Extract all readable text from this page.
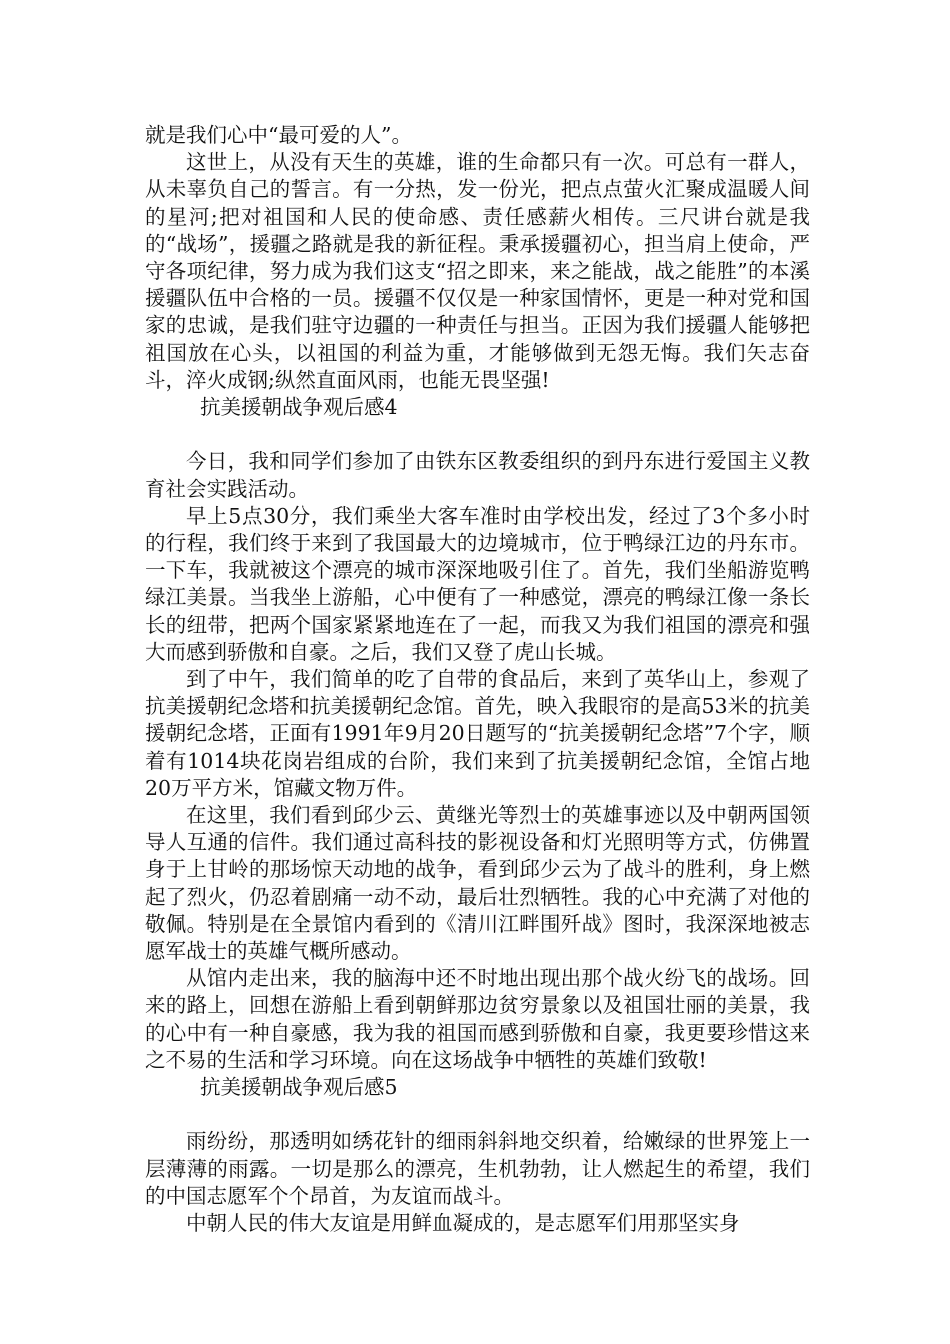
就是我们心中“最可爱的人”。

这世上，从没有天生的英雄，谁的生命都只有一次。可总有一群人，从未辜负自己的誓言。有一分热，发一份光，把点点萤火汇聚成温暖人间的星河;把对祖国和人民的使命感、责任感薪火相传。三尺讲台就是我的“战场”，援疆之路就是我的新征程。秉承援疆初心，担当肩上使命，严守各项纪律，努力成为我们这支“招之即来，来之能战，战之能胜”的本溪援疆队伍中合格的一员。援疆不仅仅是一种家国情怀，更是一种对党和国家的忠诚，是我们驻守边疆的一种责任与担当。正因为我们援疆人能够把祖国放在心头，以祖国的利益为重，才能够做到无怨无悔。我们矢志奋斗，淬火成钢;纵然直面风雨，也能无畏坚强!

抗美援朝战争观后感4

今日，我和同学们参加了由铁东区教委组织的到丹东进行爱国主义教育社会实践活动。

早上5点30分，我们乘坐大客车准时由学校出发，经过了3个多小时的行程，我们终于来到了我国最大的边境城市，位于鸭绿江边的丹东市。一下车，我就被这个漂亮的城市深深地吸引住了。首先，我们坐船游览鸭绿江美景。当我坐上游船，心中便有了一种感觉，漂亮的鸭绿江像一条长长的纽带，把两个国家紧紧地连在了一起，而我又为我们祖国的漂亮和强大而感到骄傲和自豪。之后，我们又登了虎山长城。

到了中午，我们简单的吃了自带的食品后，来到了英华山上，参观了抗美援朝纪念塔和抗美援朝纪念馆。首先，映入我眼帘的是高53米的抗美援朝纪念塔，正面有1991年9月20日题写的“抗美援朝纪念塔”7个字，顺着有1014块花岗岩组成的台阶，我们来到了抗美援朝纪念馆，全馆占地20万平方米，馆藏文物万件。

在这里，我们看到邱少云、黄继光等烈士的英雄事迹以及中朝两国领导人互通的信件。我们通过高科技的影视设备和灯光照明等方式，仿佛置身于上甘岭的那场惊天动地的战争，看到邱少云为了战斗的胜利，身上燃起了烈火，仍忍着剧痛一动不动，最后壮烈牺牲。我的心中充满了对他的敬佩。特别是在全景馆内看到的《清川江畔围歼战》图时，我深深地被志愿军战士的英雄气概所感动。

从馆内走出来，我的脑海中还不时地出现出那个战火纷飞的战场。回来的路上，回想在游船上看到朝鲜那边贫穷景象以及祖国壮丽的美景，我的心中有一种自豪感，我为我的祖国而感到骄傲和自豪，我更要珍惜这来之不易的生活和学习环境。向在这场战争中牺牲的英雄们致敬!

抗美援朝战争观后感5

雨纷纷，那透明如绣花针的细雨斜斜地交织着，给嫩绿的世界笼上一层薄薄的雨露。一切是那么的漂亮，生机勃勃，让人燃起生的希望，我们的中国志愿军个个昂首，为友谊而战斗。

中朝人民的伟大友谊是用鲜血凝成的，是志愿军们用那坚实身
